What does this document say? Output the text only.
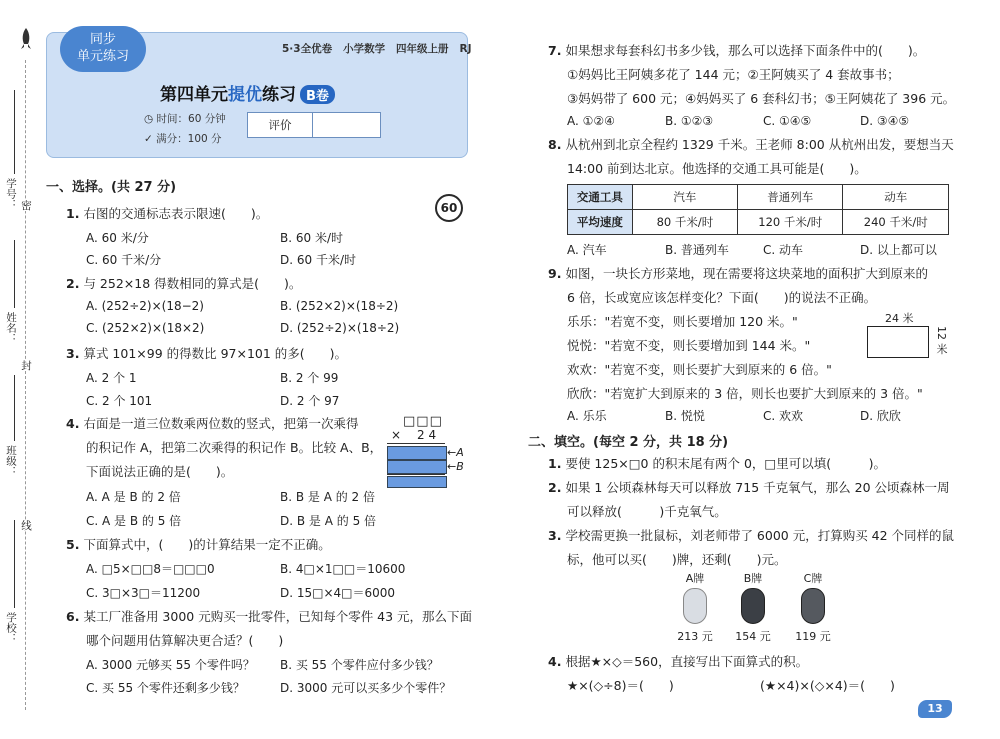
学校：
班级：
姓名：
学号： 密
封
线
同步
单元练习	5·3全优卷 小学数学 四年级上册 RJ
第四单元提优练习 B卷
◷ 时间：60 分钟
✓ 满分：100 分
评价
一、选择。(共 27 分)
60
1. 右图的交通标志表示限速(　　)。
A. 60 米/分	B. 60 米/时
C. 60 千米/分	D. 60 千米/时
2. 与 252×18 得数相同的算式是(　　)。
A. (252÷2)×(18−2)	B. (252×2)×(18÷2)
C. (252×2)×(18×2)	D. (252÷2)×(18÷2)
3. 算式 101×99 的得数比 97×101 的多(　　)。
A. 2 个 1	B. 2 个 99
C. 2 个 101	D. 2 个 97
4. 右面是一道三位数乘两位数的竖式，把第一次乘得
的积记作 A，把第二次乘得的积记作 B。比较 A、B，
下面说法正确的是(　　)。
□□□
× 2 4
←A
←B
A. A 是 B 的 2 倍	B. B 是 A 的 2 倍
C. A 是 B 的 5 倍	D. B 是 A 的 5 倍
5. 下面算式中，(　　)的计算结果一定不正确。
A. □5×□□8＝□□□0	B. 4□×1□□＝10600
C. 3□×3□＝11200	D. 15□×4□＝6000
6. 某工厂准备用 3000 元购买一批零件，已知每个零件 43 元，那么下面
哪个问题用估算解决更合适？(　　)
A. 3000 元够买 55 个零件吗？ B. 买 55 个零件应付多少钱？
C. 买 55 个零件还剩多少钱？	D. 3000 元可以买多少个零件？
7. 如果想求每套科幻书多少钱，那么可以选择下面条件中的(　　)。
①妈妈比王阿姨多花了 144 元；②王阿姨买了 4 套故事书；
③妈妈带了 600 元；④妈妈买了 6 套科幻书；⑤王阿姨花了 396 元。
A. ①②④	B. ①②③	C. ①④⑤	D. ③④⑤
8. 从杭州到北京全程约 1329 千米。王老师 8:00 从杭州出发，要想当天
14:00 前到达北京。他选择的交通工具可能是(　　)。
交通工具	汽车	普通列车	动车
平均速度	80 千米/时	120 千米/时	240 千米/时
A. 汽车	B. 普通列车	C. 动车	D. 以上都可以
9. 如图，一块长方形菜地，现在需要将这块菜地的面积扩大到原来的
6 倍，长或宽应该怎样变化？下面(　　)的说法不正确。
乐乐："若宽不变，则长要增加 120 米。"
悦悦："若宽不变，则长要增加到 144 米。"
欢欢："若宽不变，则长要扩大到原来的 6 倍。"
欣欣："若宽扩大到原来的 3 倍，则长也要扩大到原来的 3 倍。"
24 米
12 米
A. 乐乐	B. 悦悦	C. 欢欢	D. 欣欣
二、填空。(每空 2 分，共 18 分)
1. 要使 125×□0 的积末尾有两个 0，□里可以填(　　　)。
2. 如果 1 公顷森林每天可以释放 715 千克氧气，那么 20 公顷森林一周
可以释放(　　　)千克氧气。
3. 学校需更换一批鼠标，刘老师带了 6000 元，打算购买 42 个同样的鼠
标，他可以买(　　)牌，还剩(　　)元。
A牌
213 元
B牌
154 元
C牌
119 元
4. 根据★×◇＝560，直接写出下面算式的积。
★×(◇÷8)＝(　　)	(★×4)×(◇×4)＝(　　)
13
